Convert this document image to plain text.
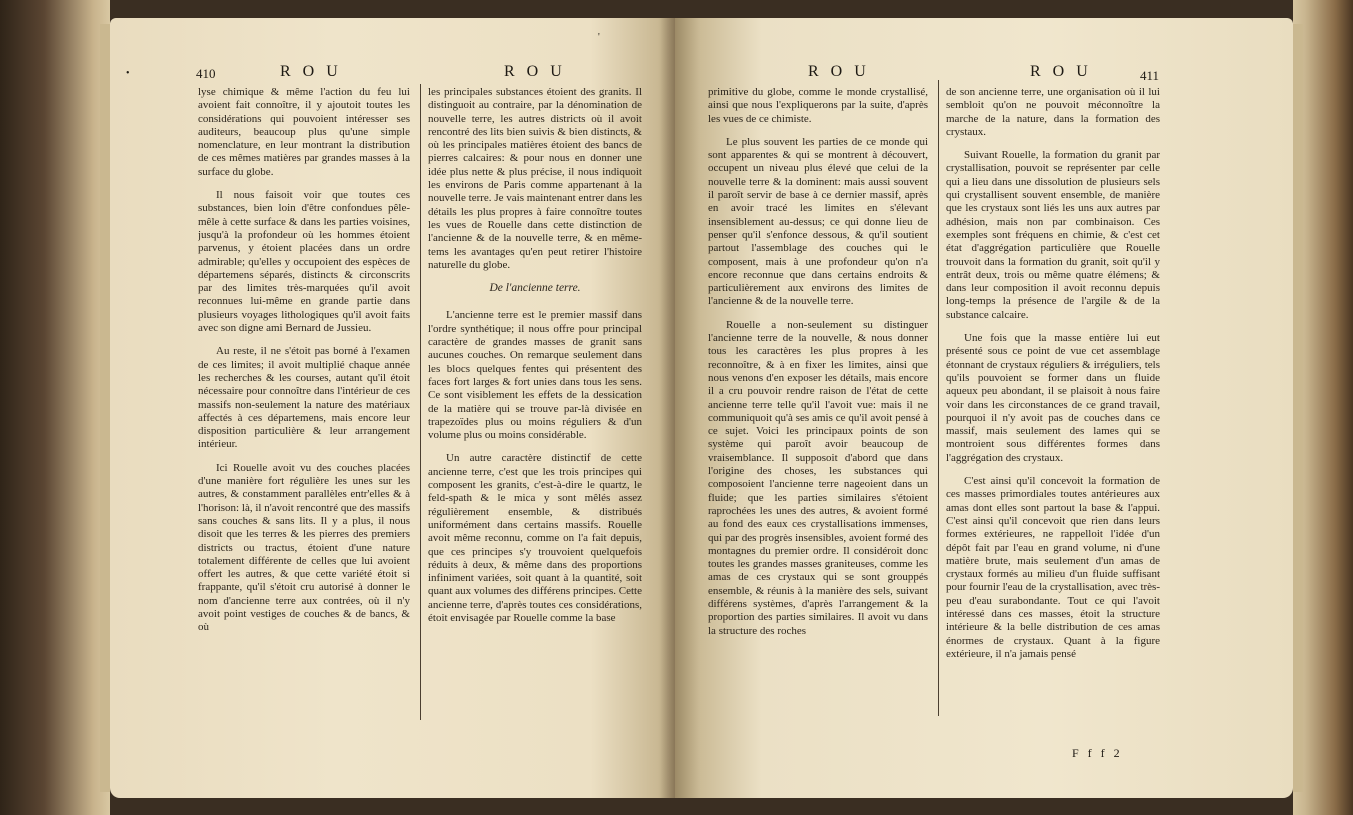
•	410	R O U	R O U
'

lyse chimique & même l'action du feu lui avoient fait connoître, il y ajoutoit toutes les considérations qui pouvoient intéresser ses auditeurs, beaucoup plus qu'une simple nomenclature, en leur montrant la distribution de ces mêmes matières par grandes masses à la surface du globe.

Il nous faisoit voir que toutes ces substances, bien loin d'être confondues pêle-mêle à cette surface & dans les parties voisines, jusqu'à la profondeur où les hommes étoient parvenus, y étoient placées dans un ordre admirable; qu'elles y occupoient des espèces de départemens séparés, distincts & circonscrits par des limites très-marquées qu'il avoit reconnues lui-même en grande partie dans plusieurs voyages lithologiques qu'il avoit faits avec son digne ami Bernard de Jussieu.

Au reste, il ne s'étoit pas borné à l'examen de ces limites; il avoit multiplié chaque année les recherches & les courses, autant qu'il étoit nécessaire pour connoître dans l'intérieur de ces massifs non-seulement la nature des matériaux affectés à ces départemens, mais encore leur disposition particulière & leur arrangement intérieur.

Ici Rouelle avoit vu des couches placées d'une manière fort régulière les unes sur les autres, & constamment parallèles entr'elles & à l'horison: là, il n'avoit rencontré que des massifs sans couches & sans lits. Il y a plus, il nous disoit que les terres & les pierres des premiers districts ou tractus, étoient d'une nature totalement différente de celles que lui avoient offert les autres, & que cette variété étoit si frappante, qu'il s'étoit cru autorisé à donner le nom d'ancienne terre aux contrées, où il n'y avoit point vestiges de couches & de bancs, & où

les principales substances étoient des granits. Il distinguoit au contraire, par la dénomination de nouvelle terre, les autres districts où il avoit rencontré des lits bien suivis & bien distincts, & où les principales matières étoient des bancs de pierres calcaires: & pour nous en donner une idée plus nette & plus précise, il nous indiquoit les environs de Paris comme appartenant à la nouvelle terre. Je vais maintenant entrer dans les détails les plus propres à faire connoître toutes les vues de Rouelle dans cette distinction de l'ancienne & de la nouvelle terre, & en même-tems les avantages qu'en peut retirer l'histoire naturelle du globe.

De l'ancienne terre.

L'ancienne terre est le premier massif dans l'ordre synthétique; il nous offre pour principal caractère de grandes masses de granit sans aucunes couches. On remarque seulement dans les blocs quelques fentes qui présentent des faces fort larges & fort unies dans tous les sens. Ce sont visiblement les effets de la dessication de la matière qui se trouve par-là divisée en trapezoïdes plus ou moins réguliers & d'un volume plus ou moins considérable.

Un autre caractère distinctif de cette ancienne terre, c'est que les trois principes qui composent les granits, c'est-à-dire le quartz, le feld-spath & le mica y sont mêlés assez régulièrement ensemble, & distribués uniformément dans certains massifs. Rouelle avoit même reconnu, comme on l'a fait depuis, que ces principes s'y trouvoient quelquefois réduits à deux, & même dans des proportions infiniment variées, soit quant à la quantité, soit quant aux volumes des différens principes. Cette ancienne terre, d'après toutes ces considérations, étoit envisagée par Rouelle comme la base

R O U	R O U	411

primitive du globe, comme le monde crystallisé, ainsi que nous l'expliquerons par la suite, d'après les vues de ce chimiste.

Le plus souvent les parties de ce monde qui sont apparentes & qui se montrent à découvert, occupent un niveau plus élevé que celui de la nouvelle terre & la dominent: mais aussi souvent il paroît servir de base à ce dernier massif, après en avoir tracé les limites en s'élevant insensiblement au-dessus; ce qui donne lieu de penser qu'il s'enfonce dessous, & qu'il soutient partout l'assemblage des couches qui le composent, mais à une profondeur qu'on n'a encore reconnue que dans certains endroits & particulièrement aux environs des limites de l'ancienne & de la nouvelle terre.

Rouelle a non-seulement su distinguer l'ancienne terre de la nouvelle, & nous donner tous les caractères les plus propres à les reconnoître, & à en fixer les limites, ainsi que nous venons d'en exposer les détails, mais encore il a cru pouvoir rendre raison de l'état de cette ancienne terre telle qu'il l'avoit vue: mais il ne communiquoit qu'à ses amis ce qu'il avoit pensé à ce sujet. Voici les principaux points de son système qui paroît avoir beaucoup de vraisemblance. Il supposoit d'abord que dans l'origine des choses, les substances qui composoient l'ancienne terre nageoient dans un fluide; que les parties similaires s'étoient raprochées les unes des autres, & avoient formé au fond des eaux ces crystallisations immenses, qui par des progrès insensibles, avoient formé des montagnes du premier ordre. Il considéroit donc toutes les grandes masses graniteuses, comme les amas de ces crystaux qui se sont grouppés ensemble, & réunis à la manière des sels, suivant différens systèmes, d'après l'arrangement & la proportion des parties similaires. Il avoit vu dans la structure des roches

de son ancienne terre, une organisation où il lui sembloit qu'on ne pouvoit méconnoître la marche de la nature, dans la formation des crystaux.

Suivant Rouelle, la formation du granit par crystallisation, pouvoit se représenter par celle qui a lieu dans une dissolution de plusieurs sels qui crystallisent souvent ensemble, de manière que les crystaux sont liés les uns aux autres par adhésion, mais non par combinaison. Ces exemples sont fréquens en chimie, & c'est cet état d'aggrégation particulière que Rouelle trouvoit dans la formation du granit, soit qu'il y entrât deux, trois ou même quatre élémens; & dans leur composition il avoit reconnu depuis long-temps la présence de l'argile & de la substance calcaire.

Une fois que la masse entière lui eut présenté sous ce point de vue cet assemblage étonnant de crystaux réguliers & irréguliers, tels qu'ils pouvoient se former dans un fluide aqueux peu abondant, il se plaisoit à nous faire voir dans les circonstances de ce grand travail, pourquoi il n'y avoit pas de couches dans ce massif, mais seulement des lames qui se montroient sous différentes formes dans l'aggrégation des crystaux.

C'est ainsi qu'il concevoit la formation de ces masses primordiales toutes antérieures aux amas dont elles sont partout la base & l'appui. C'est ainsi qu'il concevoit que rien dans leurs formes extérieures, ne rappelloit l'idée d'un dépôt fait par l'eau en grand volume, ni d'une matière brute, mais seulement d'un amas de crystaux formés au milieu d'un fluide suffisant pour fournir l'eau de la crystallisation, avec très-peu d'eau surabondante. Tout ce qui l'avoit intéressé dans ces masses, étoit la structure intérieure & la belle distribution de ces amas énormes de crystaux. Quant à la figure extérieure, il n'a jamais pensé

F f f 2
